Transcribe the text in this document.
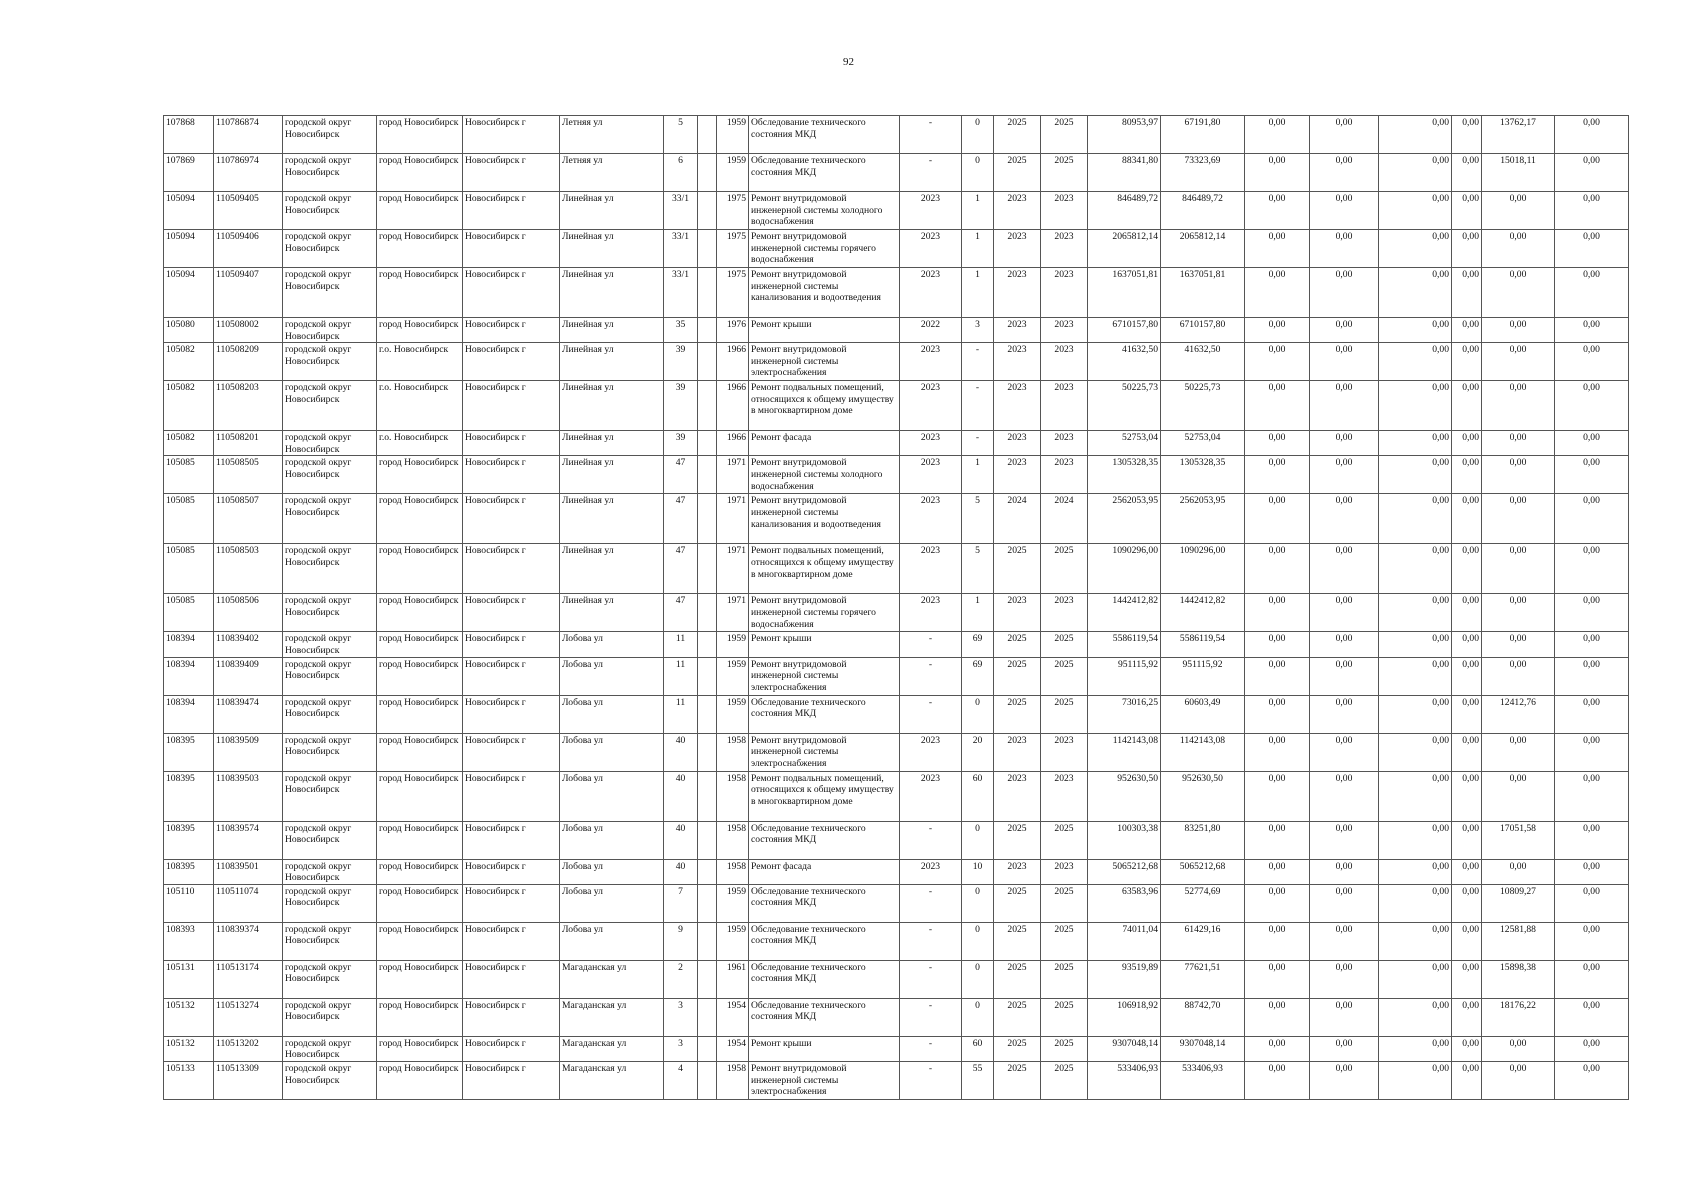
92
107868	110786874	городской округ Новосибирск	город Новосибирск	Новосибирск г	Летняя ул	5		1959	Обследование технического состояния МКД	-	0	2025	2025	80953,97	67191,80	0,00	0,00	0,00	0,00	13762,17	0,00
107869	110786974	городской округ Новосибирск	город Новосибирск	Новосибирск г	Летняя ул	6		1959	Обследование технического состояния МКД	-	0	2025	2025	88341,80	73323,69	0,00	0,00	0,00	0,00	15018,11	0,00
105094	110509405	городской округ Новосибирск	город Новосибирск	Новосибирск г	Линейная ул	33/1		1975	Ремонт внутридомовой инженерной системы холодного водоснабжения	2023	1	2023	2023	846489,72	846489,72	0,00	0,00	0,00	0,00	0,00	0,00
105094	110509406	городской округ Новосибирск	город Новосибирск	Новосибирск г	Линейная ул	33/1		1975	Ремонт внутридомовой инженерной системы горячего водоснабжения	2023	1	2023	2023	2065812,14	2065812,14	0,00	0,00	0,00	0,00	0,00	0,00
105094	110509407	городской округ Новосибирск	город Новосибирск	Новосибирск г	Линейная ул	33/1		1975	Ремонт внутридомовой инженерной системы канализования и водоотведения	2023	1	2023	2023	1637051,81	1637051,81	0,00	0,00	0,00	0,00	0,00	0,00
105080	110508002	городской округ Новосибирск	город Новосибирск	Новосибирск г	Линейная ул	35		1976	Ремонт крыши	2022	3	2023	2023	6710157,80	6710157,80	0,00	0,00	0,00	0,00	0,00	0,00
105082	110508209	городской округ Новосибирск	г.о. Новосибирск	Новосибирск г	Линейная ул	39		1966	Ремонт внутридомовой инженерной системы электроснабжения	2023	-	2023	2023	41632,50	41632,50	0,00	0,00	0,00	0,00	0,00	0,00
105082	110508203	городской округ Новосибирск	г.о. Новосибирск	Новосибирск г	Линейная ул	39		1966	Ремонт подвальных помещений, относящихся к общему имуществу в многоквартирном доме	2023	-	2023	2023	50225,73	50225,73	0,00	0,00	0,00	0,00	0,00	0,00
105082	110508201	городской округ Новосибирск	г.о. Новосибирск	Новосибирск г	Линейная ул	39		1966	Ремонт фасада	2023	-	2023	2023	52753,04	52753,04	0,00	0,00	0,00	0,00	0,00	0,00
105085	110508505	городской округ Новосибирск	город Новосибирск	Новосибирск г	Линейная ул	47		1971	Ремонт внутридомовой инженерной системы холодного водоснабжения	2023	1	2023	2023	1305328,35	1305328,35	0,00	0,00	0,00	0,00	0,00	0,00
105085	110508507	городской округ Новосибирск	город Новосибирск	Новосибирск г	Линейная ул	47		1971	Ремонт внутридомовой инженерной системы канализования и водоотведения	2023	5	2024	2024	2562053,95	2562053,95	0,00	0,00	0,00	0,00	0,00	0,00
105085	110508503	городской округ Новосибирск	город Новосибирск	Новосибирск г	Линейная ул	47		1971	Ремонт подвальных помещений, относящихся к общему имуществу в многоквартирном доме	2023	5	2025	2025	1090296,00	1090296,00	0,00	0,00	0,00	0,00	0,00	0,00
105085	110508506	городской округ Новосибирск	город Новосибирск	Новосибирск г	Линейная ул	47		1971	Ремонт внутридомовой инженерной системы горячего водоснабжения	2023	1	2023	2023	1442412,82	1442412,82	0,00	0,00	0,00	0,00	0,00	0,00
108394	110839402	городской округ Новосибирск	город Новосибирск	Новосибирск г	Лобова ул	11		1959	Ремонт крыши	-	69	2025	2025	5586119,54	5586119,54	0,00	0,00	0,00	0,00	0,00	0,00
108394	110839409	городской округ Новосибирск	город Новосибирск	Новосибирск г	Лобова ул	11		1959	Ремонт внутридомовой инженерной системы электроснабжения	-	69	2025	2025	951115,92	951115,92	0,00	0,00	0,00	0,00	0,00	0,00
108394	110839474	городской округ Новосибирск	город Новосибирск	Новосибирск г	Лобова ул	11		1959	Обследование технического состояния МКД	-	0	2025	2025	73016,25	60603,49	0,00	0,00	0,00	0,00	12412,76	0,00
108395	110839509	городской округ Новосибирск	город Новосибирск	Новосибирск г	Лобова ул	40		1958	Ремонт внутридомовой инженерной системы электроснабжения	2023	20	2023	2023	1142143,08	1142143,08	0,00	0,00	0,00	0,00	0,00	0,00
108395	110839503	городской округ Новосибирск	город Новосибирск	Новосибирск г	Лобова ул	40		1958	Ремонт подвальных помещений, относящихся к общему имуществу в многоквартирном доме	2023	60	2023	2023	952630,50	952630,50	0,00	0,00	0,00	0,00	0,00	0,00
108395	110839574	городской округ Новосибирск	город Новосибирск	Новосибирск г	Лобова ул	40		1958	Обследование технического состояния МКД	-	0	2025	2025	100303,38	83251,80	0,00	0,00	0,00	0,00	17051,58	0,00
108395	110839501	городской округ Новосибирск	город Новосибирск	Новосибирск г	Лобова ул	40		1958	Ремонт фасада	2023	10	2023	2023	5065212,68	5065212,68	0,00	0,00	0,00	0,00	0,00	0,00
105110	110511074	городской округ Новосибирск	город Новосибирск	Новосибирск г	Лобова ул	7		1959	Обследование технического состояния МКД	-	0	2025	2025	63583,96	52774,69	0,00	0,00	0,00	0,00	10809,27	0,00
108393	110839374	городской округ Новосибирск	город Новосибирск	Новосибирск г	Лобова ул	9		1959	Обследование технического состояния МКД	-	0	2025	2025	74011,04	61429,16	0,00	0,00	0,00	0,00	12581,88	0,00
105131	110513174	городской округ Новосибирск	город Новосибирск	Новосибирск г	Магаданская ул	2		1961	Обследование технического состояния МКД	-	0	2025	2025	93519,89	77621,51	0,00	0,00	0,00	0,00	15898,38	0,00
105132	110513274	городской округ Новосибирск	город Новосибирск	Новосибирск г	Магаданская ул	3		1954	Обследование технического состояния МКД	-	0	2025	2025	106918,92	88742,70	0,00	0,00	0,00	0,00	18176,22	0,00
105132	110513202	городской округ Новосибирск	город Новосибирск	Новосибирск г	Магаданская ул	3		1954	Ремонт крыши	-	60	2025	2025	9307048,14	9307048,14	0,00	0,00	0,00	0,00	0,00	0,00
105133	110513309	городской округ Новосибирск	город Новосибирск	Новосибирск г	Магаданская ул	4		1958	Ремонт внутридомовой инженерной системы электроснабжения	-	55	2025	2025	533406,93	533406,93	0,00	0,00	0,00	0,00	0,00	0,00
